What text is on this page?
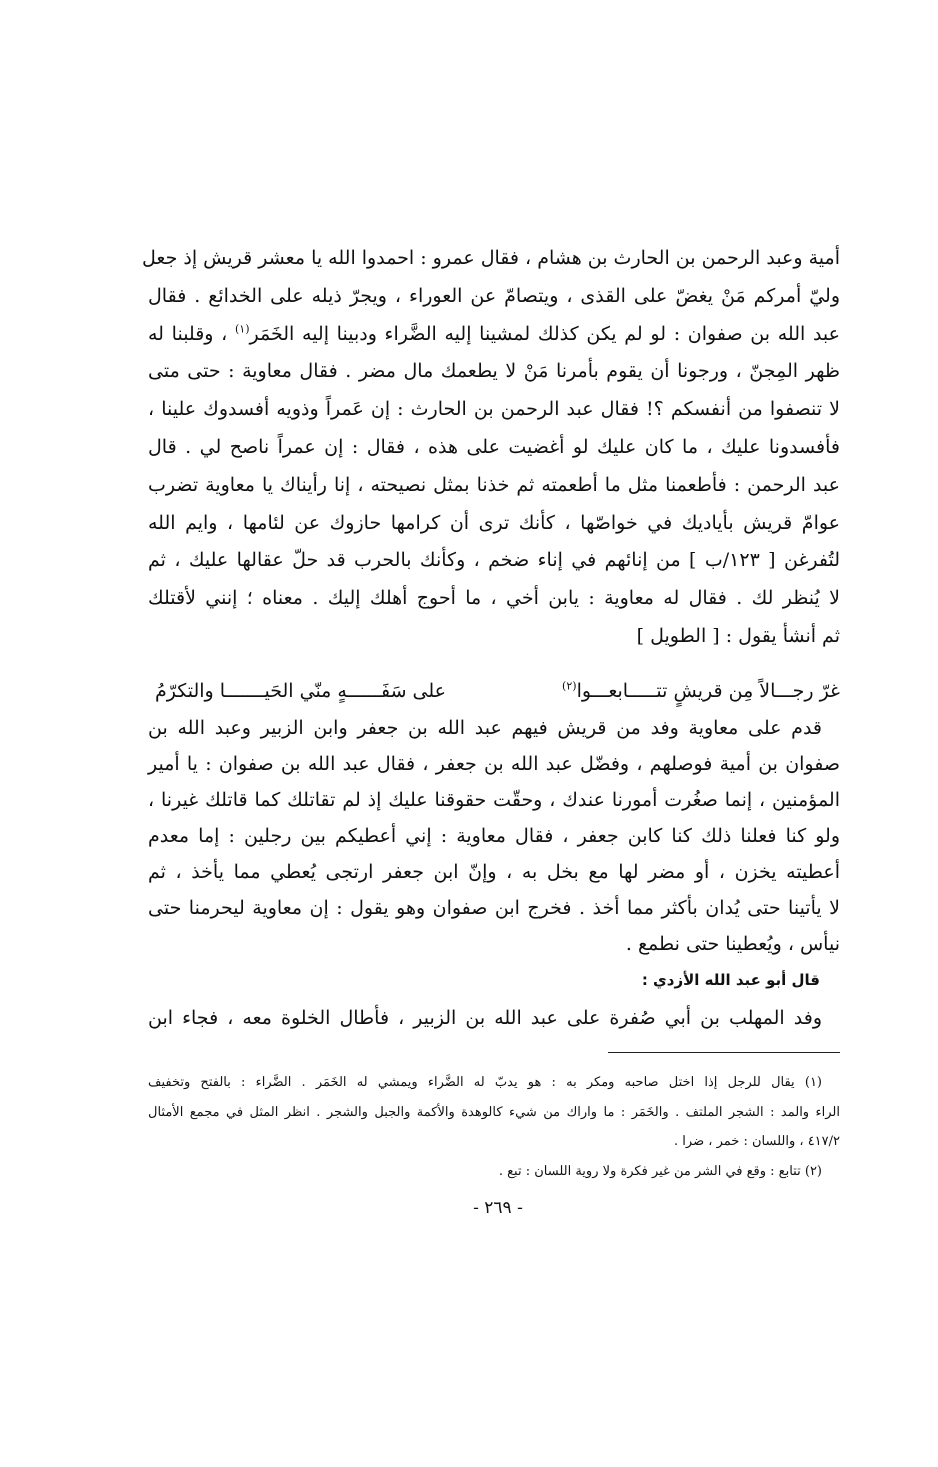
أمية وعبد الرحمن بن الحارث بن هشام ، فقال عمرو : احمدوا الله يا معشر قريش إذ جعل
وليّ أمركم مَنْ يغضّ على القذى ، ويتصامّ عن العوراء ، ويجرّ ذيله على الخدائع . فقال
عبد الله بن صفوان : لو لم يكن كذلك لمشينا إليه الضَّراء ودبينا إليه الخَمَر$^{(١)}$ ، وقلبنا له
ظهر المِجنّ ، ورجونا أن يقوم بأمرنا مَنْ لا يطعمك مال مضر . فقال معاوية : حتى متى
لا تنصفوا من أنفسكم ؟! فقال عبد الرحمن بن الحارث : إن عَمراً وذويه أفسدوك علينا ،
فأفسدونا عليك ، ما كان عليك لو أغضيت على هذه ، فقال : إن عمراً ناصح لي . قال
عبد الرحمن : فأطعمنا مثل ما أطعمته ثم خذنا بمثل نصيحته ، إنا رأيناك يا معاوية تضرب
عوامّ قريش بأياديك في خواصّها ، كأنك ترى أن كرامها حازوك عن لئامها ، وايم الله
لتُفرغن [ ١٢٣/ب ] من إنائهم في إناء ضخم ، وكأنك بالحرب قد حلّ عقالها عليك ، ثم
لا يُنظر لك . فقال له معاوية : يابن أخي ، ما أحوج أهلك إليك . معناه ؛ إنني لأقتلك
ثم أنشأ يقول : [ الطويل ]
غرّ رجـــالاً مِن قريشٍ تتـــــابعـــوا$^{(٢)}$
على سَفَــــــهٍ منّي الحَيـــــــا والتكرّمُ
قدم على معاوية وفد من قريش فيهم عبد الله بن جعفر وابن الزبير وعبد الله بن
صفوان بن أمية فوصلهم ، وفضّل عبد الله بن جعفر ، فقال عبد الله بن صفوان : يا أمير
المؤمنين ، إنما صغُرت أمورنا عندك ، وحقّت حقوقنا عليك إذ لم تقاتلك كما قاتلك غيرنا ،
ولو كنا فعلنا ذلك كنا كابن جعفر ، فقال معاوية : إني أعطيكم بين رجلين : إما معدم
أعطيته يخزن ، أو مضر لها مع بخل به ، وإنّ ابن جعفر ارتجى يُعطي مما يأخذ ، ثم
لا يأتينا حتى يُدان بأكثر مما أخذ . فخرج ابن صفوان وهو يقول : إن معاوية ليحرمنا حتى
نيأس ، ويُعطينا حتى نطمع .
قال أبو عبد الله الأزدي :
وفد المهلب بن أبي صُفرة على عبد الله بن الزبير ، فأطال الخلوة معه ، فجاء ابن
(١) يقال للرجل إذا اختل صاحبه ومكر به : هو يدبّ له الضَّراء ويمشي له الخَمَر . الضَّراء : بالفتح وتخفيف
الراء والمد : الشجر الملتف . والخَمَر : ما واراك من شيء كالوهدة والأكمة والجبل والشجر . انظر المثل في مجمع الأمثال
٤١٧/٢ ، واللسان : خمر ، ضرا .
(٢) تتابع : وقع في الشر من غير فكرة ولا روية اللسان : تبع .
- ٢٦٩ -
